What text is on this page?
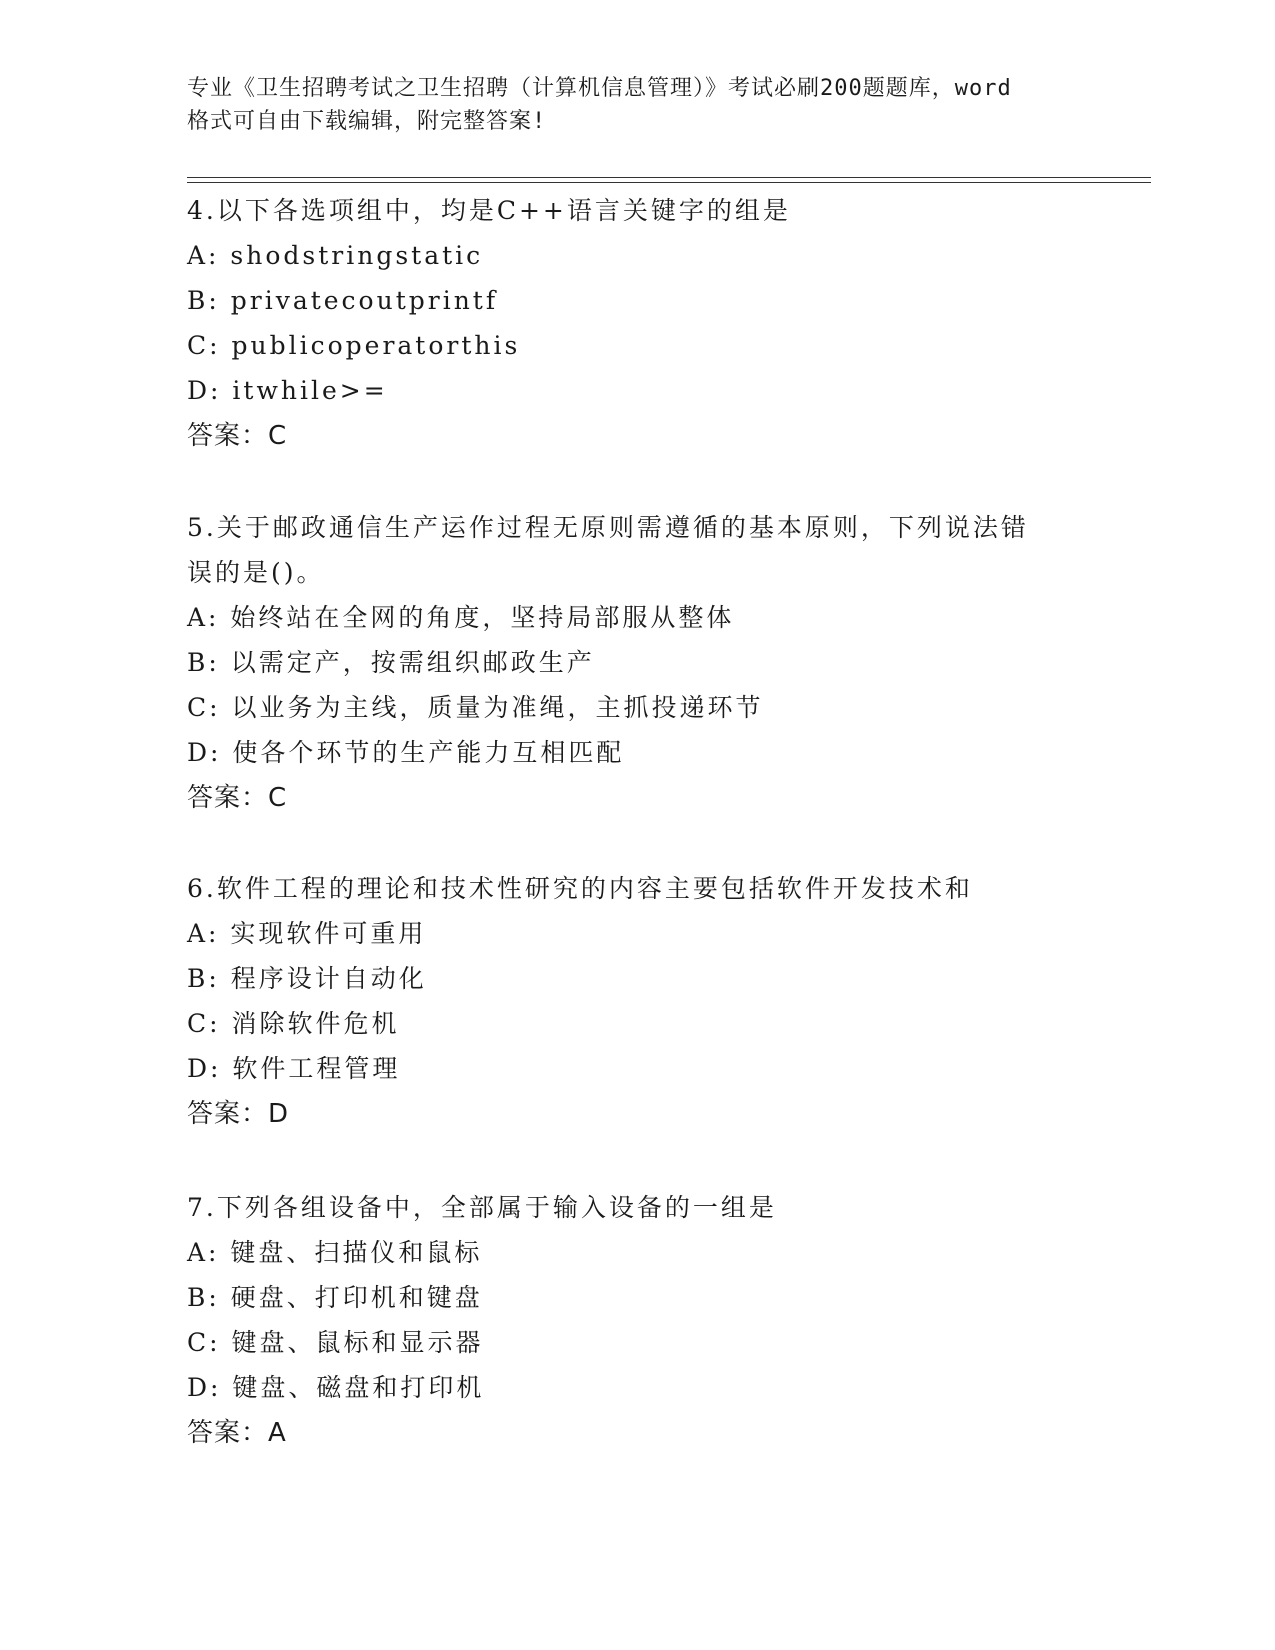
专业《卫生招聘考试之卫生招聘（计算机信息管理）》考试必刷200题题库，word
格式可自由下载编辑，附完整答案!
4.以下各选项组中，均是C++语言关键字的组是
A: shodstringstatic
B: privatecoutprintf
C: publicoperatorthis
D: itwhile>=
答案：C
5.关于邮政通信生产运作过程无原则需遵循的基本原则，下列说法错
误的是()。
A: 始终站在全网的角度，坚持局部服从整体
B: 以需定产，按需组织邮政生产
C: 以业务为主线，质量为准绳，主抓投递环节
D: 使各个环节的生产能力互相匹配
答案：C
6.软件工程的理论和技术性研究的内容主要包括软件开发技术和
A: 实现软件可重用
B: 程序设计自动化
C: 消除软件危机
D: 软件工程管理
答案：D
7.下列各组设备中，全部属于输入设备的一组是
A: 键盘、扫描仪和鼠标
B: 硬盘、打印机和键盘
C: 键盘、鼠标和显示器
D: 键盘、磁盘和打印机
答案：A
